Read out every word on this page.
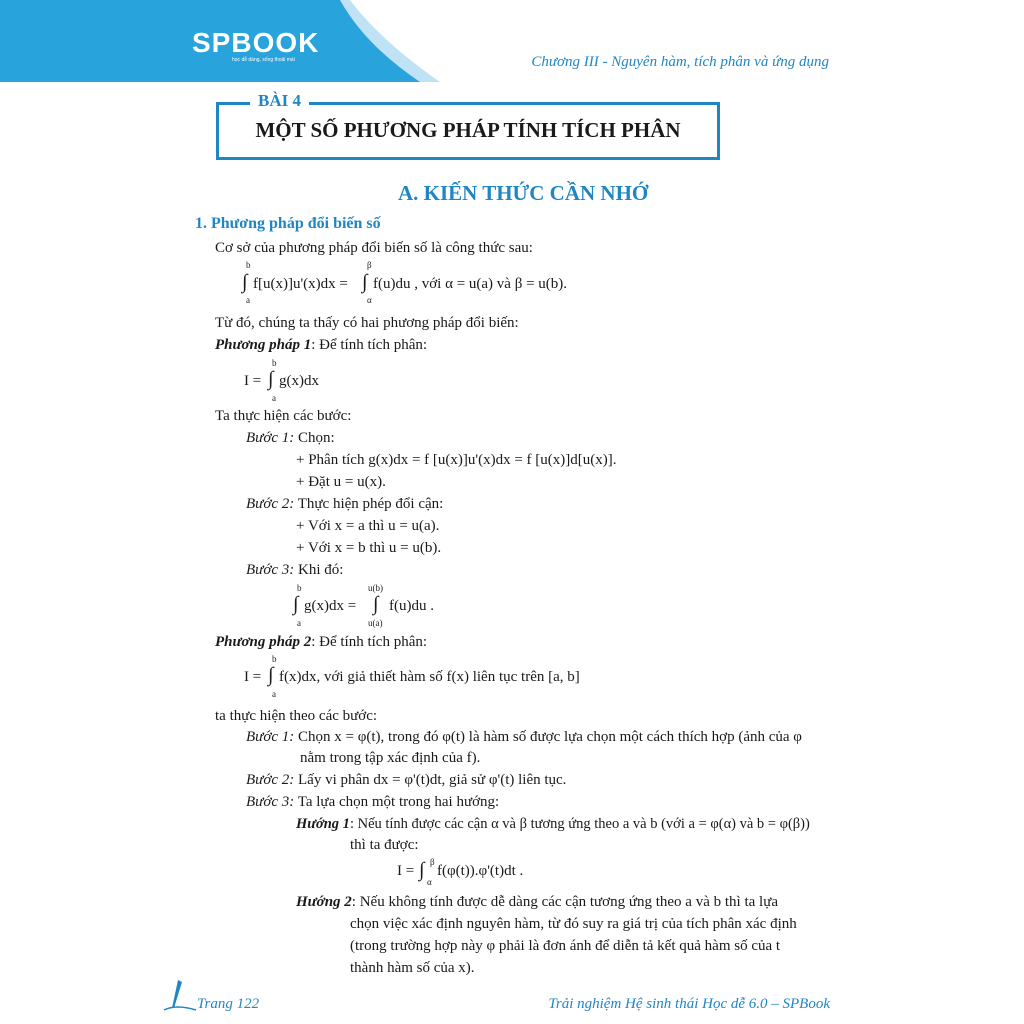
SPBOOK
học dễ dàng, sống thoải mái	Chương III - Nguyên hàm, tích phân và ứng dụng
BÀI 4
MỘT SỐ PHƯƠNG PHÁP TÍNH TÍCH PHÂN
A. KIẾN THỨC CẦN NHỚ
1. Phương pháp đổi biến số
Cơ sở của phương pháp đổi biến số là công thức sau:
b
∫
a
f[u(x)]u'(x)dx =
β
∫
α
f(u)du , với α = u(a) và β = u(b).
Từ đó, chúng ta thấy có hai phương pháp đổi biến:
Phương pháp 1: Để tính tích phân:
I =
b
∫
a
g(x)dx
Ta thực hiện các bước:
Bước 1: Chọn:
+ Phân tích g(x)dx = f [u(x)]u'(x)dx = f [u(x)]d[u(x)].
+ Đặt u = u(x).
Bước 2: Thực hiện phép đổi cận:
+ Với x = a thì u = u(a).
+ Với x = b thì u = u(b).
Bước 3: Khi đó:
b
∫
a
g(x)dx =
u(b)
∫
u(a)
f(u)du .
Phương pháp 2: Để tính tích phân:
I =
b
∫
a
f(x)dx, với giả thiết hàm số f(x) liên tục trên [a, b]
ta thực hiện theo các bước:
Bước 1: Chọn x = φ(t), trong đó φ(t) là hàm số được lựa chọn một cách thích hợp (ảnh của φ
nằm trong tập xác định của f).
Bước 2: Lấy vi phân dx = φ'(t)dt, giả sử φ'(t) liên tục.
Bước 3: Ta lựa chọn một trong hai hướng:
Hướng 1: Nếu tính được các cận α và β tương ứng theo a và b (với a = φ(α) và b = φ(β))
thì ta được:
I = ∫ β
α
f(φ(t)).φ'(t)dt .
Hướng 2: Nếu không tính được dễ dàng các cận tương ứng theo a và b thì ta lựa
chọn việc xác định nguyên hàm, từ đó suy ra giá trị của tích phân xác định
(trong trường hợp này φ phải là đơn ánh để diễn tả kết quả hàm số của t
thành hàm số của x).
Trang 122	Trải nghiệm Hệ sinh thái Học dễ 6.0 – SPBook
